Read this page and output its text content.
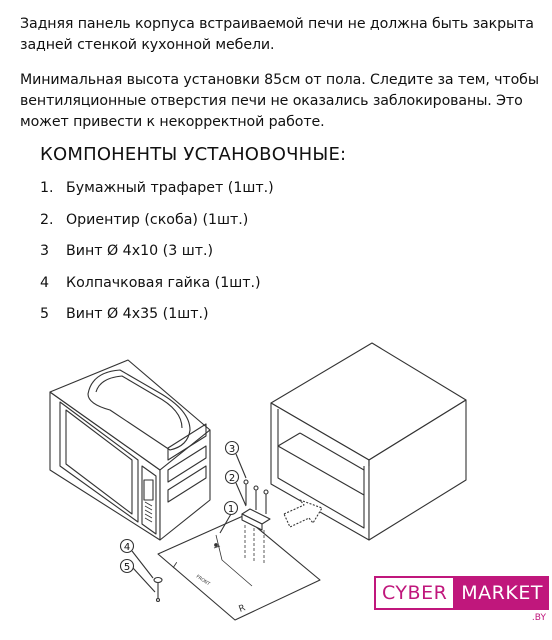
Задняя панель корпуса встраиваемой печи не должна быть закрыта задней стенкой кухонной мебели.

Минимальная высота установки 85см от пола. Следите за тем, чтобы вентиляционные отверстия печи не оказались заблокированы. Это может привести к некорректной работе.

КОМПОНЕНТЫ УСТАНОВОЧНЫЕ:
1. Бумажный трафарет (1шт.)
2. Ориентир (скоба) (1шт.)
3	Винт Ø 4x10 (3 шт.)
4	Колпачковая гайка (1шт.)
5	Винт Ø 4x35 (1шт.)
L
R
FRONT
1
2
3
4
5
CYBER MARKET
.BY
